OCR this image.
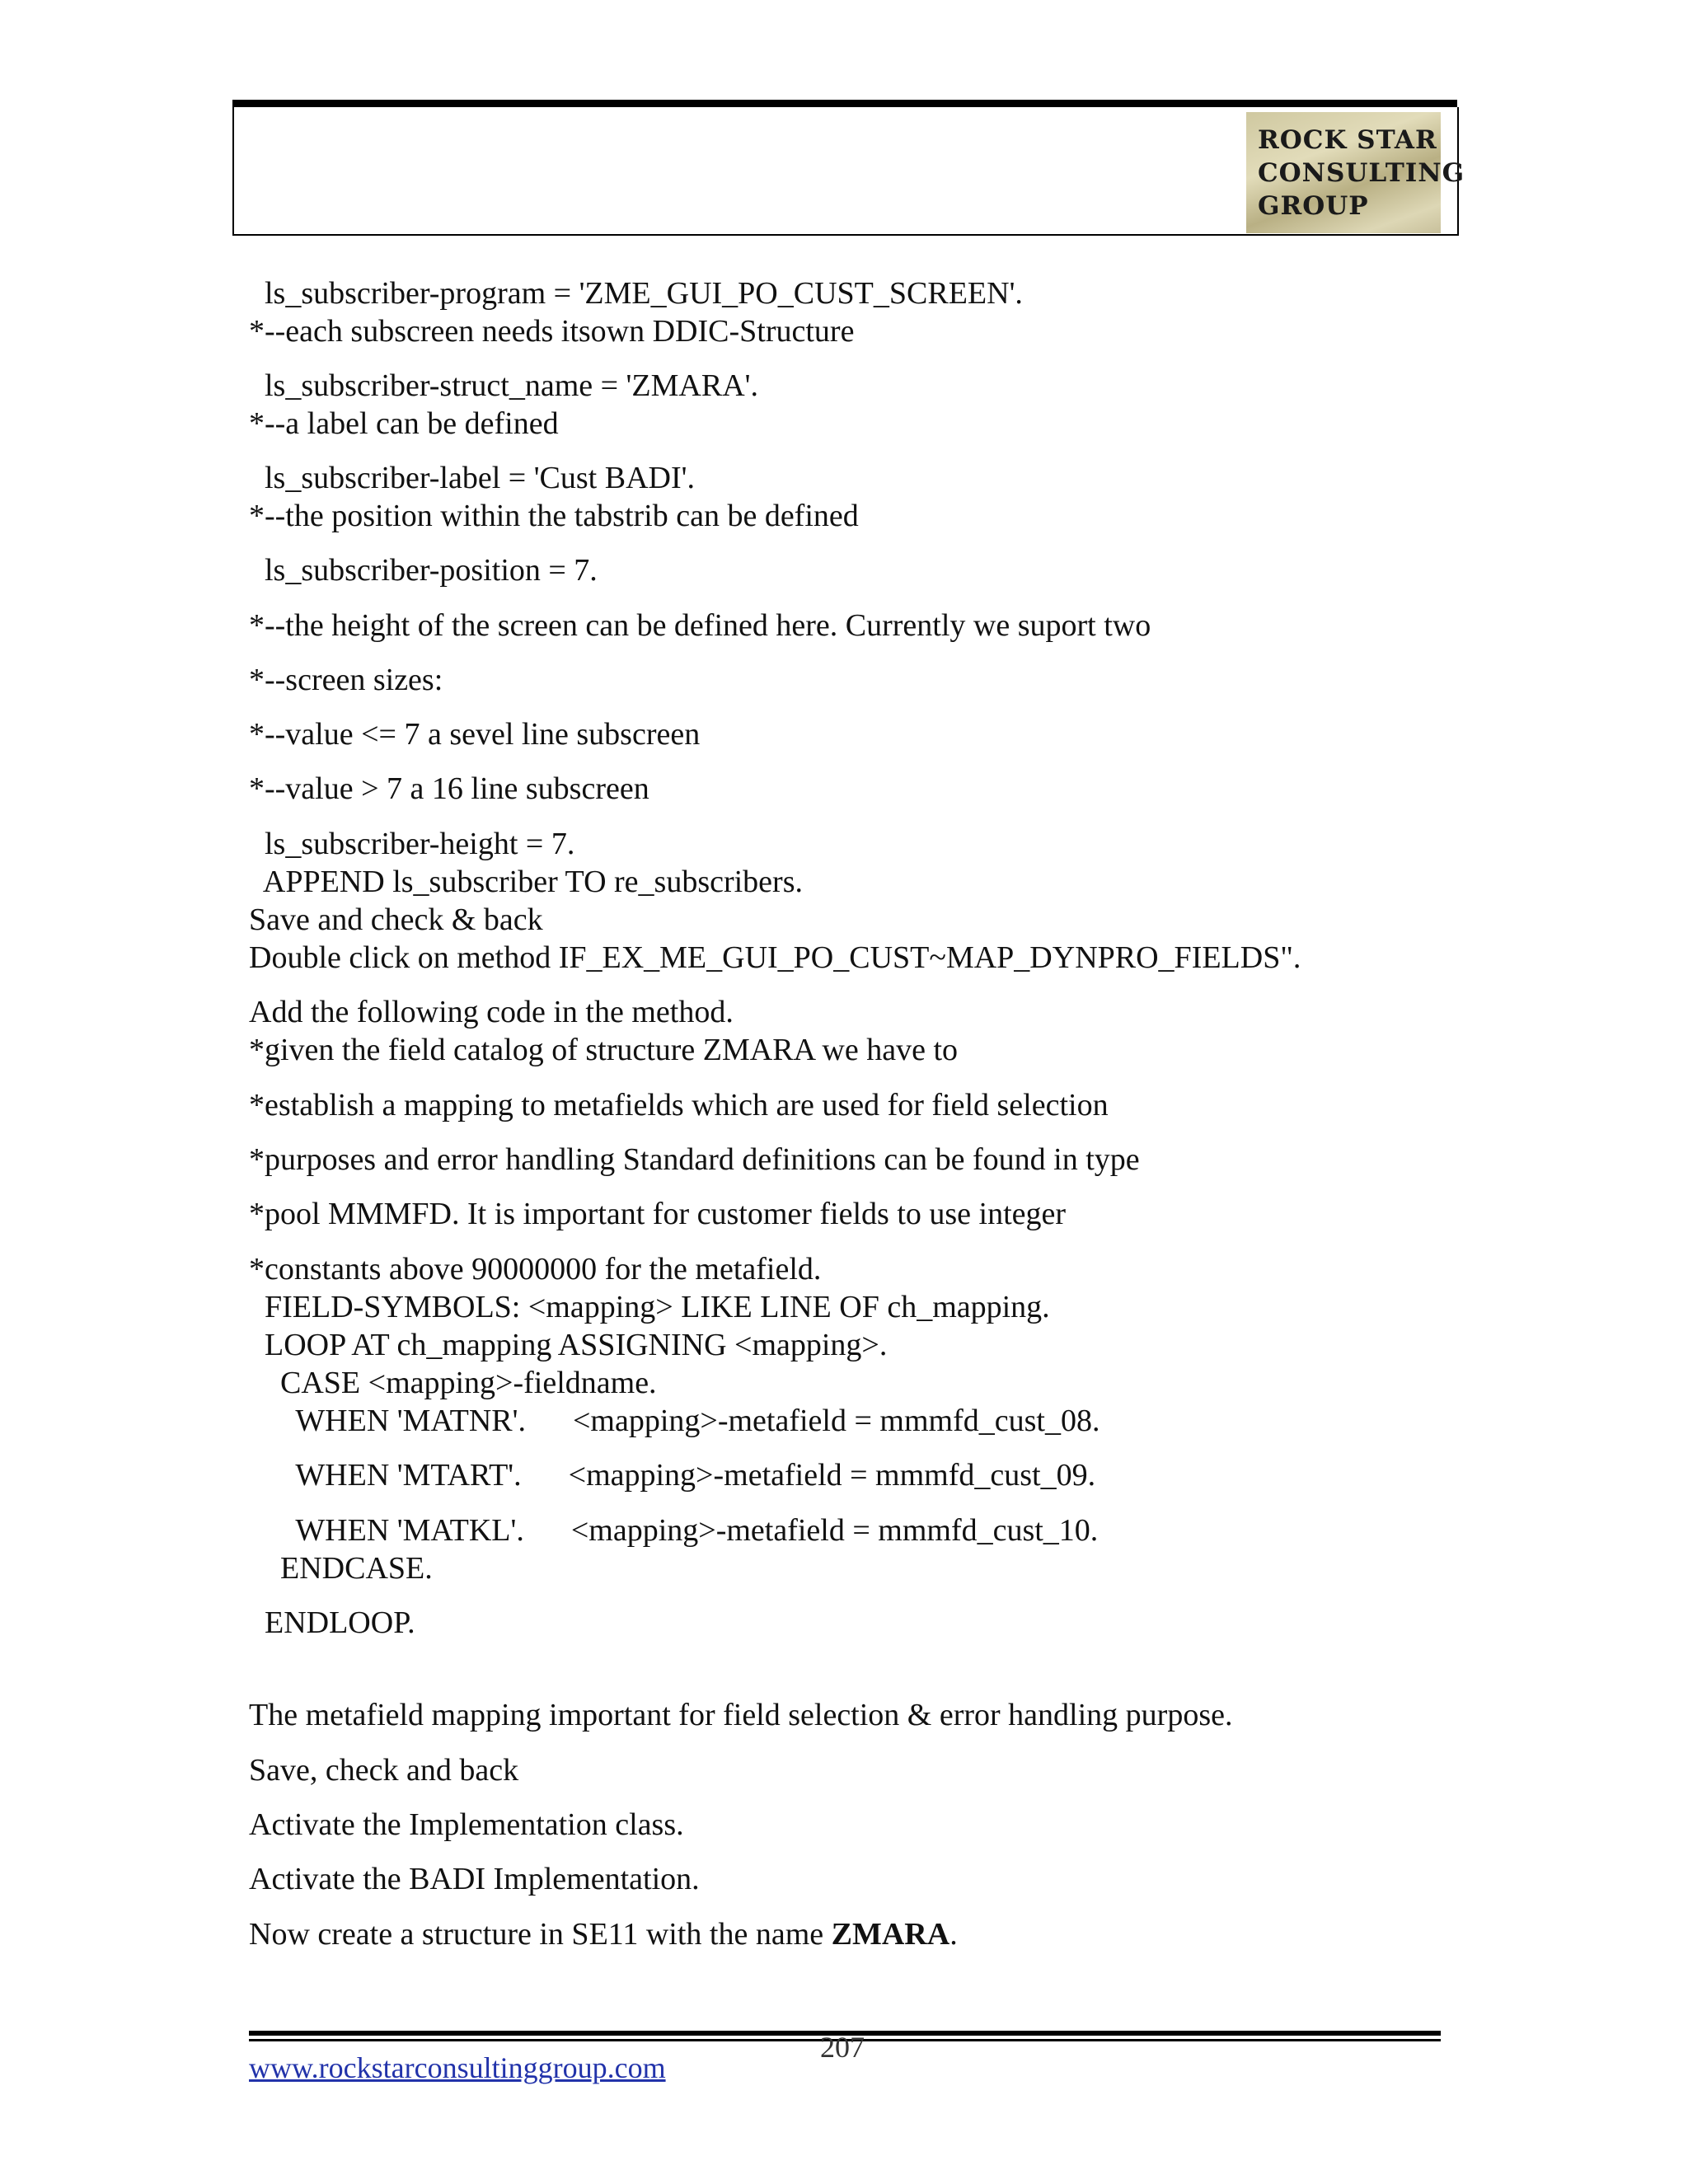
ROCK STAR
CONSULTING
GROUP
ls_subscriber-program = 'ZME_GUI_PO_CUST_SCREEN'.
*--each subscreen needs itsown DDIC-Structure
ls_subscriber-struct_name = 'ZMARA'.
*--a label can be defined
ls_subscriber-label = 'Cust BADI'.
*--the position within the tabstrib can be defined
ls_subscriber-position = 7.
*--the height of the screen can be defined here. Currently we suport two
*--screen sizes:
*--value <= 7 a sevel line subscreen
*--value > 7 a 16 line subscreen
ls_subscriber-height = 7.
APPEND ls_subscriber TO re_subscribers.
Save and check & back
Double click on method IF_EX_ME_GUI_PO_CUST~MAP_DYNPRO_FIELDS".
Add the following code in the method.
*given the field catalog of structure ZMARA we have to
*establish a mapping to metafields which are used for field selection
*purposes and error handling Standard definitions can be found in type
*pool MMMFD. It is important for customer fields to use integer
*constants above 90000000 for the metafield.
FIELD-SYMBOLS: <mapping> LIKE LINE OF ch_mapping.
LOOP AT ch_mapping ASSIGNING <mapping>.
CASE <mapping>-fieldname.
WHEN 'MATNR'.      <mapping>-metafield = mmmfd_cust_08.
WHEN 'MTART'.      <mapping>-metafield = mmmfd_cust_09.
WHEN 'MATKL'.      <mapping>-metafield = mmmfd_cust_10.
ENDCASE.
ENDLOOP.
The metafield mapping important for field selection & error handling purpose.
Save, check and back
Activate the Implementation class.
Activate the BADI Implementation.
Now create a structure in SE11 with the name ZMARA.
207
www.rockstarconsultinggroup.com
